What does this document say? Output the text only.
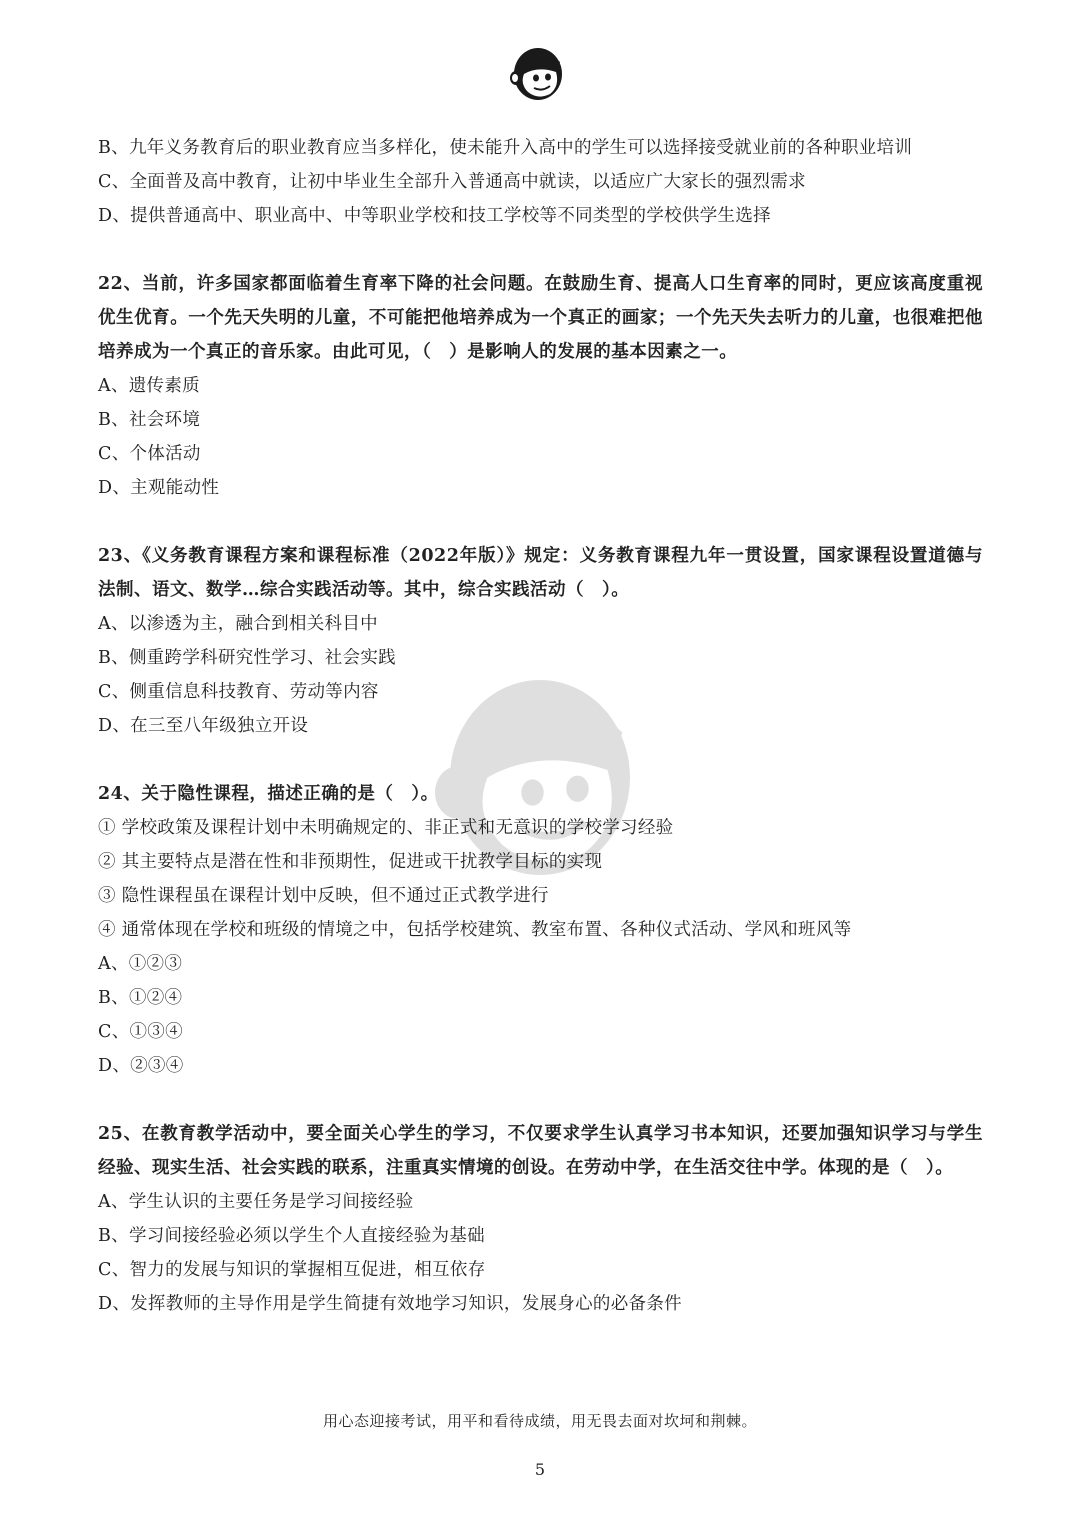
B、九年义务教育后的职业教育应当多样化，使未能升入高中的学生可以选择接受就业前的各种职业培训
C、全面普及高中教育，让初中毕业生全部升入普通高中就读，以适应广大家长的强烈需求
D、提供普通高中、职业高中、中等职业学校和技工学校等不同类型的学校供学生选择
22、当前，许多国家都面临着生育率下降的社会问题。在鼓励生育、提高人口生育率的同时，更应该高度重视优生优育。一个先天失明的儿童，不可能把他培养成为一个真正的画家；一个先天失去听力的儿童，也很难把他培养成为一个真正的音乐家。由此可见，（　）是影响人的发展的基本因素之一。
A、遗传素质
B、社会环境
C、个体活动
D、主观能动性
23、《义务教育课程方案和课程标准（2022年版）》规定：义务教育课程九年一贯设置，国家课程设置道德与法制、语文、数学…综合实践活动等。其中，综合实践活动（　）。
A、以渗透为主，融合到相关科目中
B、侧重跨学科研究性学习、社会实践
C、侧重信息科技教育、劳动等内容
D、在三至八年级独立开设
24、关于隐性课程，描述正确的是（　）。
① 学校政策及课程计划中未明确规定的、非正式和无意识的学校学习经验
② 其主要特点是潜在性和非预期性，促进或干扰教学目标的实现
③ 隐性课程虽在课程计划中反映，但不通过正式教学进行
④ 通常体现在学校和班级的情境之中，包括学校建筑、教室布置、各种仪式活动、学风和班风等
A、①②③
B、①②④
C、①③④
D、②③④
25、在教育教学活动中，要全面关心学生的学习，不仅要求学生认真学习书本知识，还要加强知识学习与学生经验、现实生活、社会实践的联系，注重真实情境的创设。在劳动中学，在生活交往中学。体现的是（　）。
A、学生认识的主要任务是学习间接经验
B、学习间接经验必须以学生个人直接经验为基础
C、智力的发展与知识的掌握相互促进，相互依存
D、发挥教师的主导作用是学生简捷有效地学习知识，发展身心的必备条件
用心态迎接考试，用平和看待成绩，用无畏去面对坎坷和荆棘。
5
